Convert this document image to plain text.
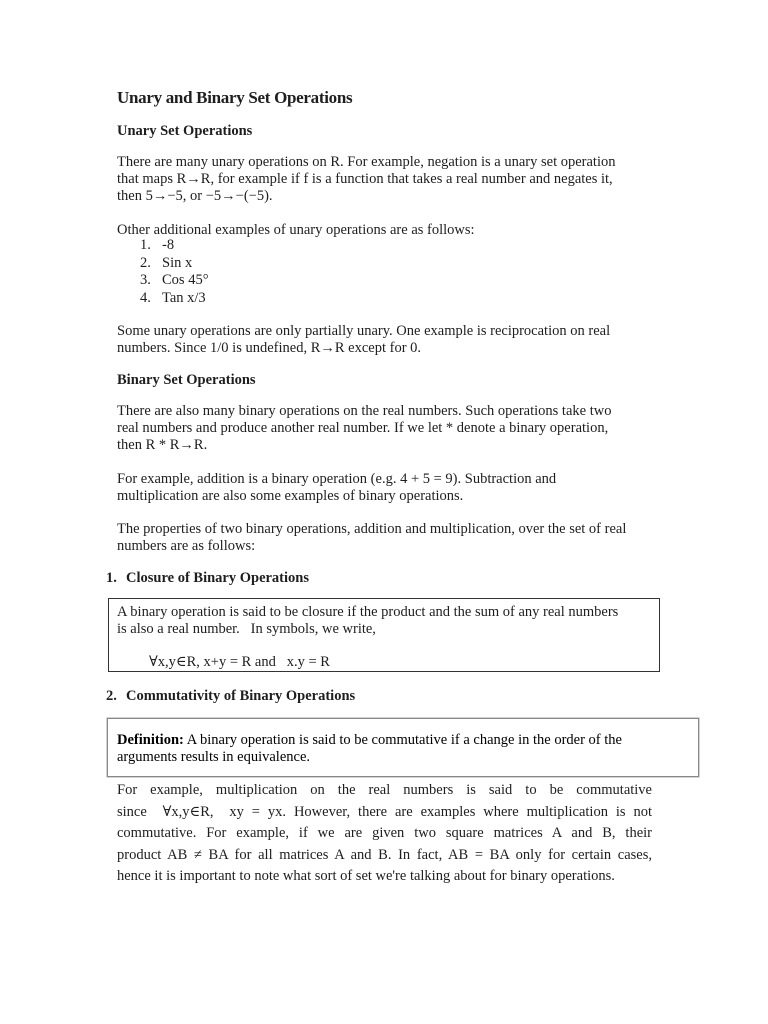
Unary and Binary Set Operations
Unary Set Operations

There are many unary operations on R. For example, negation is a unary set operation
that maps R→R, for example if f is a function that takes a real number and negates it,
then 5→−5, or −5→−(−5).

Other additional examples of unary operations are as follows:

1. -8
2. Sin x
3. Cos 45°
4. Tan x/3

Some unary operations are only partially unary. One example is reciprocation on real
numbers. Since 1/0 is undefined, R→R except for 0.

Binary Set Operations

There are also many binary operations on the real numbers. Such operations take two
real numbers and produce another real number. If we let * denote a binary operation,
then R * R→R.

For example, addition is a binary operation (e.g. 4 + 5 = 9). Subtraction and
multiplication are also some examples of binary operations.

The properties of two binary operations, addition and multiplication, over the set of real
numbers are as follows:

1. Closure of Binary Operations
A binary operation is said to be closure if the product and the sum of any real numbers
is also a real number.   In symbols, we write,
∀x,y∈R, x+y = R and   x.y = R
2. Commutativity of Binary Operations
Definition: A binary operation is said to be commutative if a change in the order of the
arguments results in equivalence.

For example, multiplication on the real numbers is said to be commutative
since  ∀x,y∈R,  xy = yx. However, there are examples where multiplication is not
commutative. For example, if we are given two square matrices A and B, their
product AB ≠ BA for all matrices A and B. In fact, AB = BA only for certain cases,
hence it is important to note what sort of set we're talking about for binary operations.
